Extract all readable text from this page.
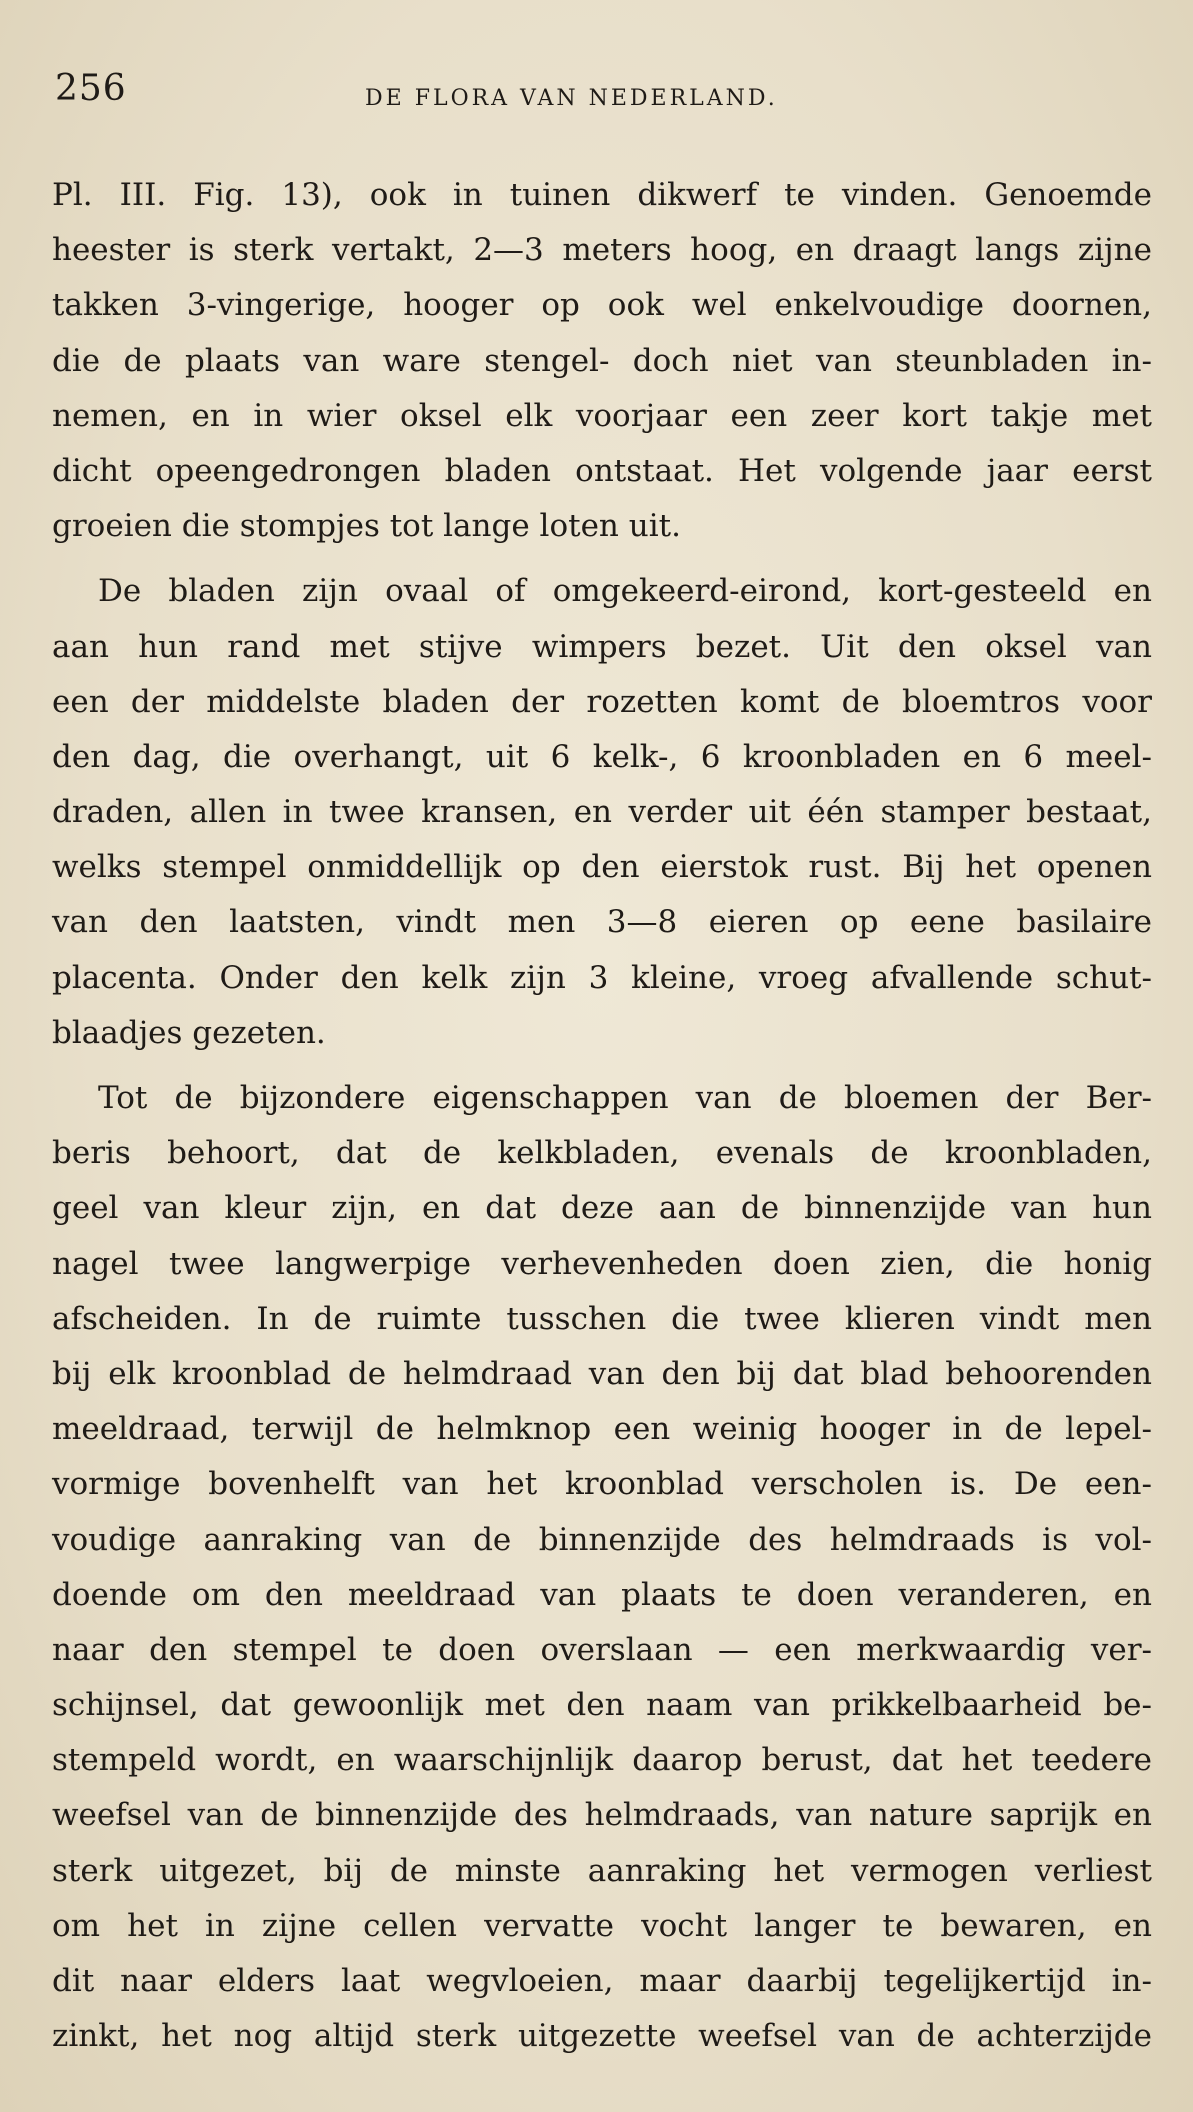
256	DE FLORA VAN NEDERLAND.
Pl. III. Fig. 13), ook in tuinen dikwerf te vinden. Genoemde
heester is sterk vertakt, 2—3 meters hoog, en draagt langs zijne
takken 3-vingerige, hooger op ook wel enkelvoudige doornen,
die de plaats van ware stengel- doch niet van steunbladen in-
nemen, en in wier oksel elk voorjaar een zeer kort takje met
dicht opeengedrongen bladen ontstaat. Het volgende jaar eerst
groeien die stompjes tot lange loten uit.
De bladen zijn ovaal of omgekeerd-eirond, kort-gesteeld en
aan hun rand met stijve wimpers bezet. Uit den oksel van
een der middelste bladen der rozetten komt de bloemtros voor
den dag, die overhangt, uit 6 kelk-, 6 kroonbladen en 6 meel-
draden, allen in twee kransen, en verder uit één stamper bestaat,
welks stempel onmiddellijk op den eierstok rust. Bij het openen
van den laatsten, vindt men 3—8 eieren op eene basilaire
placenta. Onder den kelk zijn 3 kleine, vroeg afvallende schut-
blaadjes gezeten.
Tot de bijzondere eigenschappen van de bloemen der Ber-
beris behoort, dat de kelkbladen, evenals de kroonbladen,
geel van kleur zijn, en dat deze aan de binnenzijde van hun
nagel twee langwerpige verhevenheden doen zien, die honig
afscheiden. In de ruimte tusschen die twee klieren vindt men
bij elk kroonblad de helmdraad van den bij dat blad behoorenden
meeldraad, terwijl de helmknop een weinig hooger in de lepel-
vormige bovenhelft van het kroonblad verscholen is. De een-
voudige aanraking van de binnenzijde des helmdraads is vol-
doende om den meeldraad van plaats te doen veranderen, en
naar den stempel te doen overslaan — een merkwaardig ver-
schijnsel, dat gewoonlijk met den naam van prikkelbaarheid be-
stempeld wordt, en waarschijnlijk daarop berust, dat het teedere
weefsel van de binnenzijde des helmdraads, van nature saprijk en
sterk uitgezet, bij de minste aanraking het vermogen verliest
om het in zijne cellen vervatte vocht langer te bewaren, en
dit naar elders laat wegvloeien, maar daarbij tegelijkertijd in-
zinkt, het nog altijd sterk uitgezette weefsel van de achterzijde
